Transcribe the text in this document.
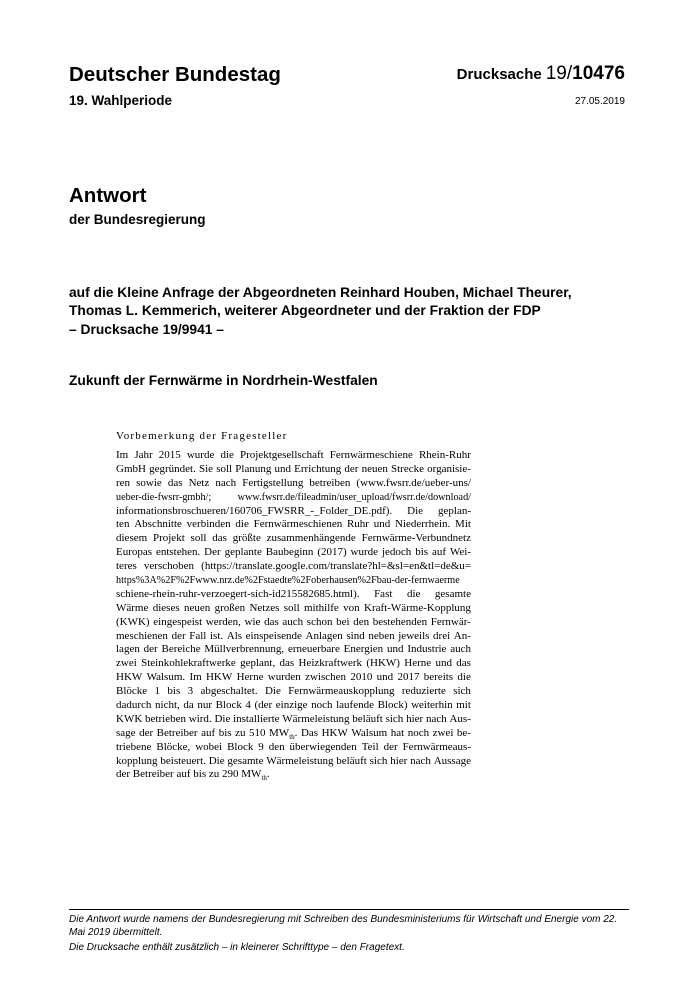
Deutscher Bundestag
19. Wahlperiode
Drucksache 19/10476
27.05.2019
Antwort
der Bundesregierung
auf die Kleine Anfrage der Abgeordneten Reinhard Houben, Michael Theurer,
Thomas L. Kemmerich, weiterer Abgeordneter und der Fraktion der FDP
– Drucksache 19/9941 –
Zukunft der Fernwärme in Nordrhein-Westfalen
Vorbemerkung der Fragesteller
Im Jahr 2015 wurde die Projektgesellschaft Fernwärmeschiene Rhein-Ruhr
GmbH gegründet. Sie soll Planung und Errichtung der neuen Strecke organisie-
ren sowie das Netz nach Fertigstellung betreiben (www.fwsrr.de/ueber-uns/
ueber-die-fwsrr-gmbh/;	www.fwsrr.de/fileadmin/user_upload/fwsrr.de/download/
informationsbroschueren/160706_FWSRR_-_Folder_DE.pdf). Die geplan-
ten Abschnitte verbinden die Fernwärmeschienen Ruhr und Niederrhein. Mit
diesem Projekt soll das größte zusammenhängende Fernwärme-Verbundnetz
Europas entstehen. Der geplante Baubeginn (2017) wurde jedoch bis auf Wei-
teres verschoben (https://translate.google.com/translate?hl=&sl=en&tl=de&u=
https%3A%2F%2Fwww.nrz.de%2Fstaedte%2Foberhausen%2Fbau-der-fernwaerme
schiene-rhein-ruhr-verzoegert-sich-id215582685.html). Fast die gesamte
Wärme dieses neuen großen Netzes soll mithilfe von Kraft-Wärme-Kopplung
(KWK) eingespeist werden, wie das auch schon bei den bestehenden Fernwär-
meschienen der Fall ist. Als einspeisende Anlagen sind neben jeweils drei An-
lagen der Bereiche Müllverbrennung, erneuerbare Energien und Industrie auch
zwei Steinkohlekraftwerke geplant, das Heizkraftwerk (HKW) Herne und das
HKW Walsum. Im HKW Herne wurden zwischen 2010 und 2017 bereits die
Blöcke 1 bis 3 abgeschaltet. Die Fernwärmeauskopplung reduzierte sich
dadurch nicht, da nur Block 4 (der einzige noch laufende Block) weiterhin mit
KWK betrieben wird. Die installierte Wärmeleistung beläuft sich hier nach Aus-
sage der Betreiber auf bis zu 510 $MW_{th}$. Das HKW Walsum hat noch zwei be-
triebene Blöcke, wobei Block 9 den überwiegenden Teil der Fernwärmeaus-
kopplung beisteuert. Die gesamte Wärmeleistung beläuft sich hier nach Aussage
der
Betreiber
auf
bis
zu
290
$MW_{th}$.

Die Antwort wurde namens der Bundesregierung mit Schreiben des Bundesministeriums für Wirtschaft und Energie vom 22. Mai 2019 übermittelt.

Die Drucksache enthält zusätzlich – in kleinerer Schrifttype – den Fragetext.
